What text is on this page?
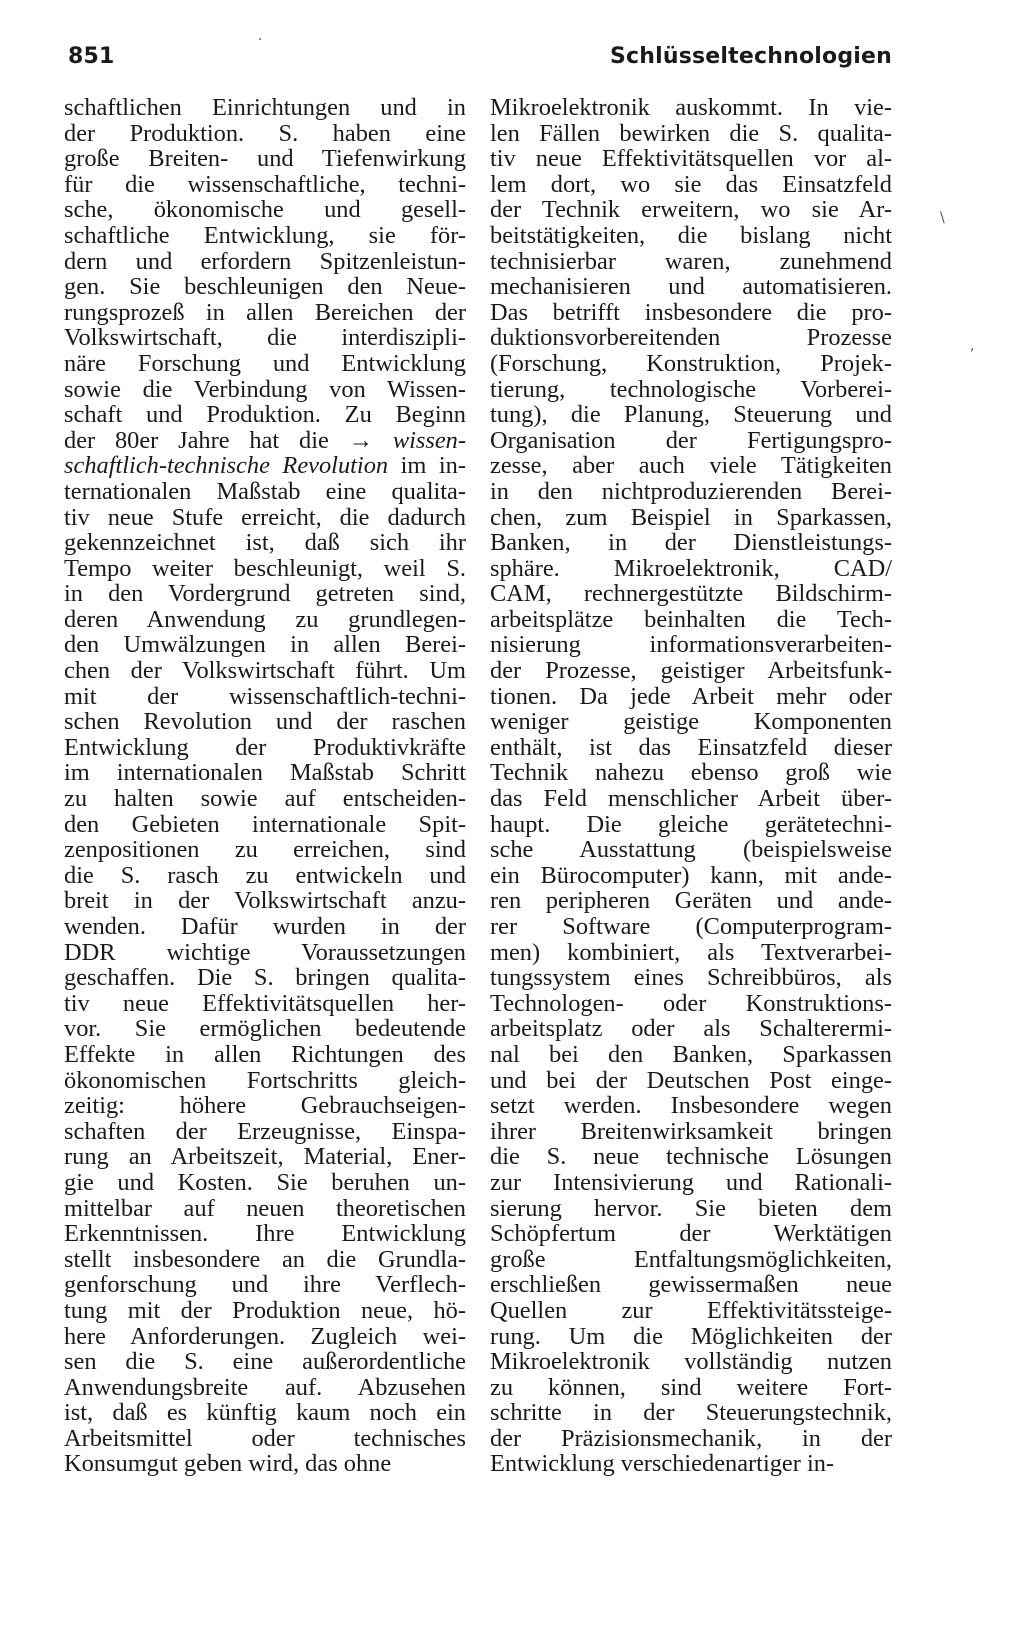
851	Schlüsseltechnologien
schaftlichen Einrichtungen und in
der Produktion. S. haben eine
große Breiten- und Tiefenwirkung
für die wissenschaftliche, techni-
sche, ökonomische und gesell-
schaftliche Entwicklung, sie för-
dern und erfordern Spitzenleistun-
gen. Sie beschleunigen den Neue-
rungsprozeß in allen Bereichen der
Volkswirtschaft, die interdiszipli-
näre Forschung und Entwicklung
sowie die Verbindung von Wissen-
schaft und Produktion. Zu Beginn
der 80er Jahre hat die → wissen-
schaftlich-technische Revolution im in-
ternationalen Maßstab eine qualita-
tiv neue Stufe erreicht, die dadurch
gekennzeichnet ist, daß sich ihr
Tempo weiter beschleunigt, weil S.
in den Vordergrund getreten sind,
deren Anwendung zu grundlegen-
den Umwälzungen in allen Berei-
chen der Volkswirtschaft führt. Um
mit der wissenschaftlich-techni-
schen Revolution und der raschen
Entwicklung der Produktivkräfte
im internationalen Maßstab Schritt
zu halten sowie auf entscheiden-
den Gebieten internationale Spit-
zenpositionen zu erreichen, sind
die S. rasch zu entwickeln und
breit in der Volkswirtschaft anzu-
wenden. Dafür wurden in der
DDR wichtige Voraussetzungen
geschaffen. Die S. bringen qualita-
tiv neue Effektivitätsquellen her-
vor. Sie ermöglichen bedeutende
Effekte in allen Richtungen des
ökonomischen Fortschritts gleich-
zeitig: höhere Gebrauchseigen-
schaften der Erzeugnisse, Einspa-
rung an Arbeitszeit, Material, Ener-
gie und Kosten. Sie beruhen un-
mittelbar auf neuen theoretischen
Erkenntnissen. Ihre Entwicklung
stellt insbesondere an die Grundla-
genforschung und ihre Verflech-
tung mit der Produktion neue, hö-
here Anforderungen. Zugleich wei-
sen die S. eine außerordentliche
Anwendungsbreite auf. Abzusehen
ist, daß es künftig kaum noch ein
Arbeitsmittel oder technisches
Konsumgut geben wird, das ohne
Mikroelektronik auskommt. In vie-
len Fällen bewirken die S. qualita-
tiv neue Effektivitätsquellen vor al-
lem dort, wo sie das Einsatzfeld
der Technik erweitern, wo sie Ar-
beitstätigkeiten, die bislang nicht
technisierbar waren, zunehmend
mechanisieren und automatisieren.
Das betrifft insbesondere die pro-
duktionsvorbereitenden Prozesse
(Forschung, Konstruktion, Projek-
tierung, technologische Vorberei-
tung), die Planung, Steuerung und
Organisation der Fertigungspro-
zesse, aber auch viele Tätigkeiten
in den nichtproduzierenden Berei-
chen, zum Beispiel in Sparkassen,
Banken, in der Dienstleistungs-
sphäre. Mikroelektronik, CAD/
CAM, rechnergestützte Bildschirm-
arbeitsplätze beinhalten die Tech-
nisierung informationsverarbeiten-
der Prozesse, geistiger Arbeitsfunk-
tionen. Da jede Arbeit mehr oder
weniger geistige Komponenten
enthält, ist das Einsatzfeld dieser
Technik nahezu ebenso groß wie
das Feld menschlicher Arbeit über-
haupt. Die gleiche gerätetechni-
sche Ausstattung (beispielsweise
ein Bürocomputer) kann, mit ande-
ren peripheren Geräten und ande-
rer Software (Computerprogram-
men) kombiniert, als Textverarbei-
tungssystem eines Schreibbüros, als
Technologen- oder Konstruktions-
arbeitsplatz oder als Schalterermi-
nal bei den Banken, Sparkassen
und bei der Deutschen Post einge-
setzt werden. Insbesondere wegen
ihrer Breitenwirksamkeit bringen
die S. neue technische Lösungen
zur Intensivierung und Rationali-
sierung hervor. Sie bieten dem
Schöpfertum der Werktätigen
große Entfaltungsmöglichkeiten,
erschließen gewissermaßen neue
Quellen zur Effektivitätssteige-
rung. Um die Möglichkeiten der
Mikroelektronik vollständig nutzen
zu können, sind weitere Fort-
schritte in der Steuerungstechnik,
der Präzisionsmechanik, in der
Entwicklung verschiedenartiger in-
.
\
,
